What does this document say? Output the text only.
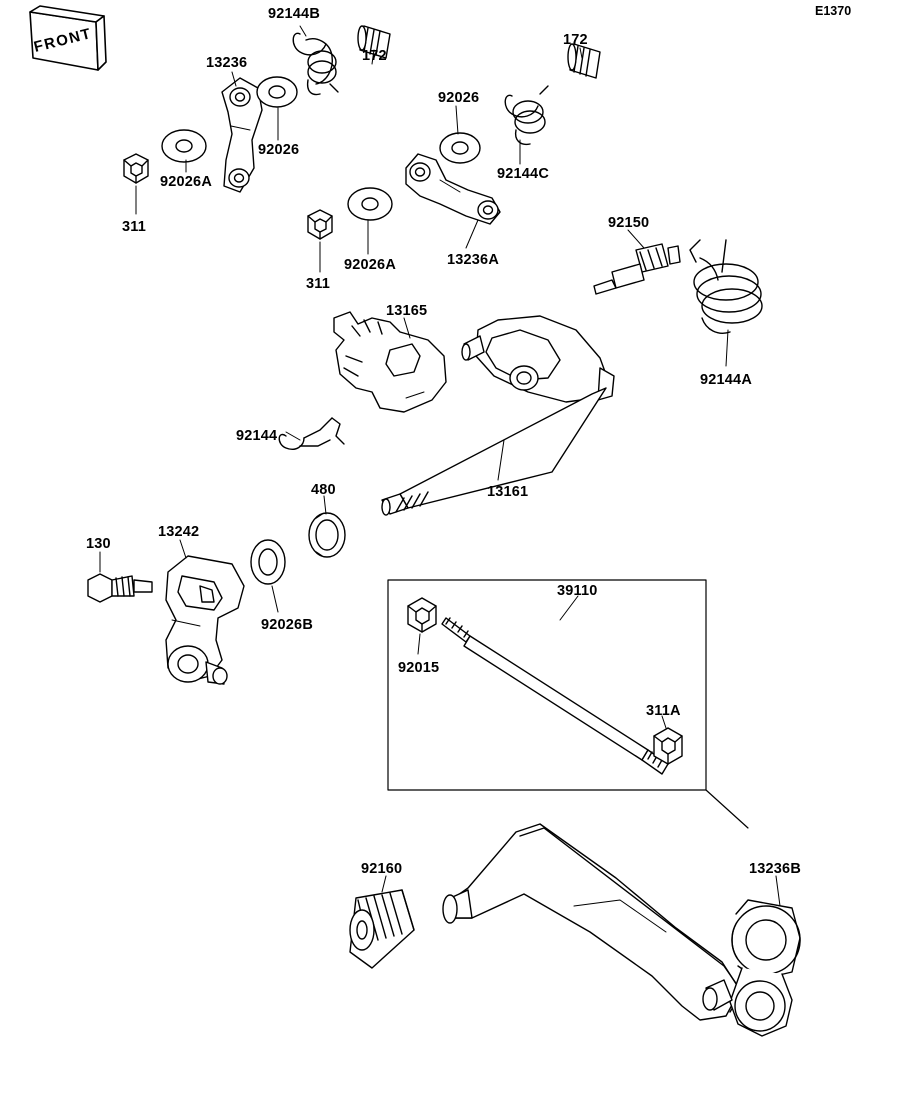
FRONT
E1370
92144B
172
172
13236
92026
92026
92144C
92026A
311
92026A	13236A
311
92150
92144A
13165
92144
13161
480
130
13242
92026B
39110
92015
311A
92160	13236B
